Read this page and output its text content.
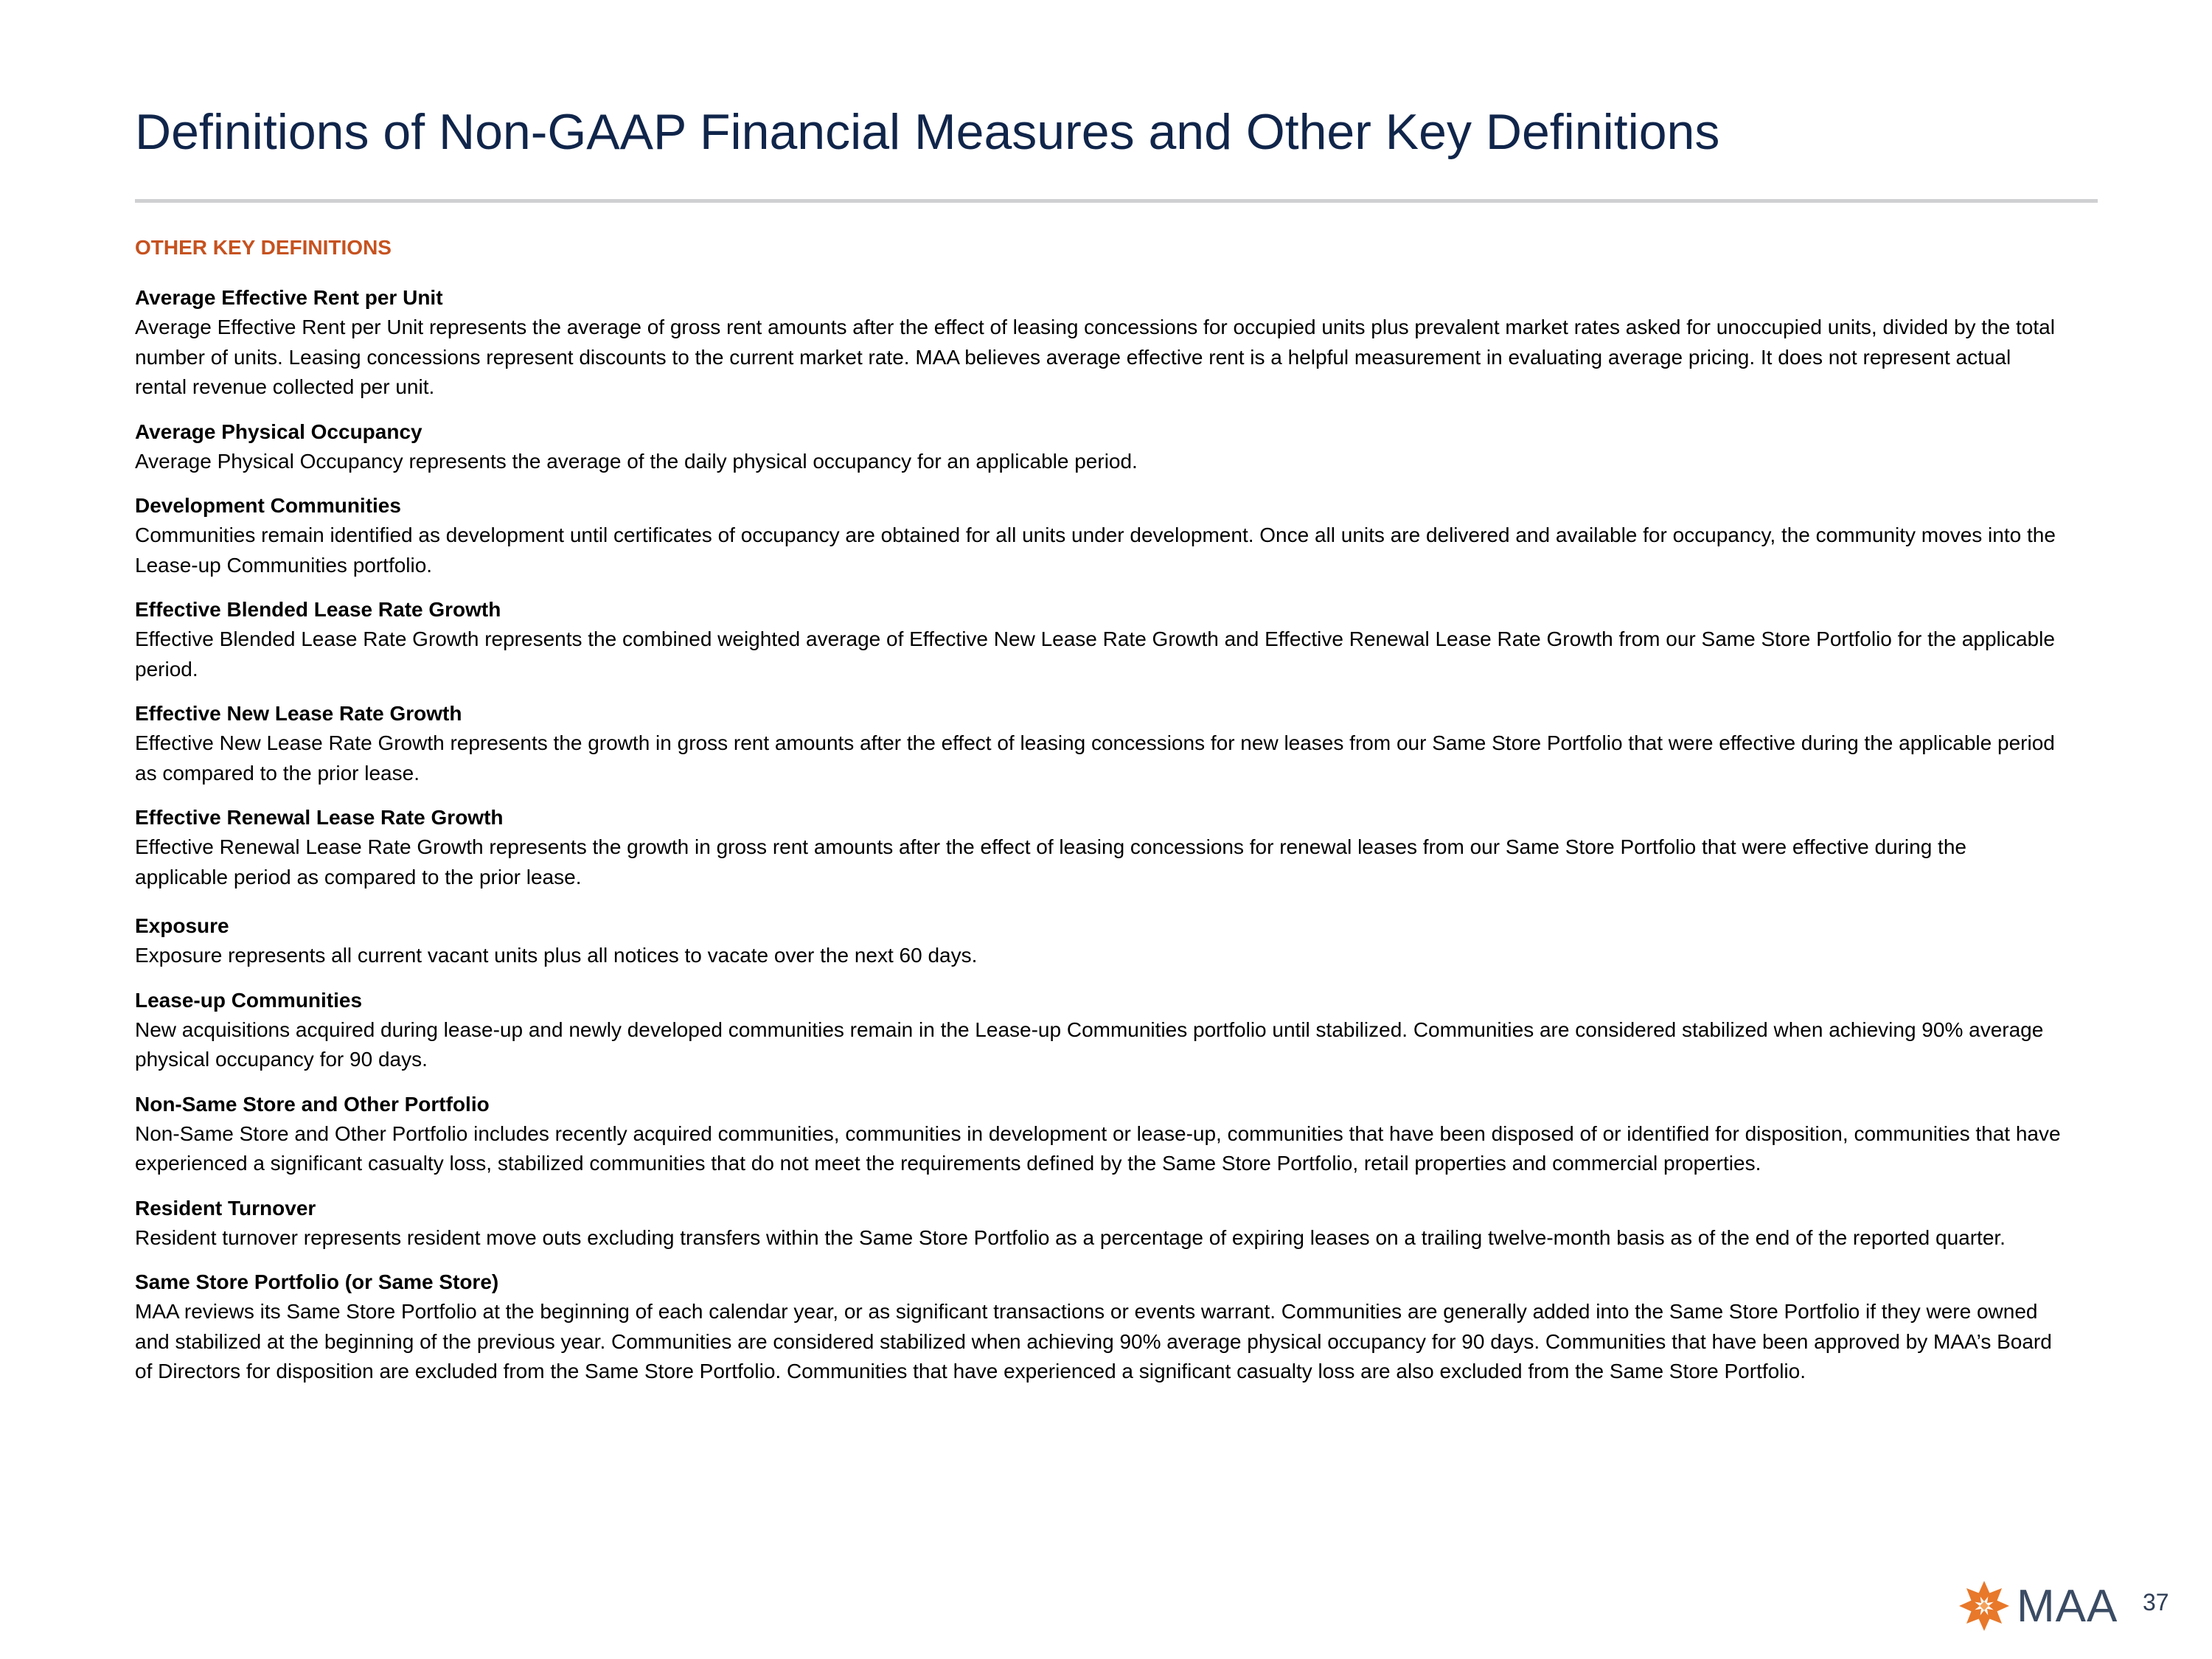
Definitions of Non-GAAP Financial Measures and Other Key Definitions
OTHER KEY DEFINITIONS
Average Effective Rent per Unit
Average Effective Rent per Unit represents the average of gross rent amounts after the effect of leasing concessions for occupied units plus prevalent market rates asked for unoccupied units, divided by the total number of units. Leasing concessions represent discounts to the current market rate. MAA believes average effective rent is a helpful measurement in evaluating average pricing. It does not represent actual rental revenue collected per unit.
Average Physical Occupancy
Average Physical Occupancy represents the average of the daily physical occupancy for an applicable period.
Development Communities
Communities remain identified as development until certificates of occupancy are obtained for all units under development. Once all units are delivered and available for occupancy, the community moves into the Lease-up Communities portfolio.
Effective Blended Lease Rate Growth
Effective Blended Lease Rate Growth represents the combined weighted average of Effective New Lease Rate Growth and Effective Renewal Lease Rate Growth from our Same Store Portfolio for the applicable period.
Effective New Lease Rate Growth
Effective New Lease Rate Growth represents the growth in gross rent amounts after the effect of leasing concessions for new leases from our Same Store Portfolio that were effective during the applicable period as compared to the prior lease.
Effective Renewal Lease Rate Growth
Effective Renewal Lease Rate Growth represents the growth in gross rent amounts after the effect of leasing concessions for renewal leases from our Same Store Portfolio that were effective during the applicable period as compared to the prior lease.
Exposure
Exposure represents all current vacant units plus all notices to vacate over the next 60 days.
Lease-up Communities
New acquisitions acquired during lease-up and newly developed communities remain in the Lease-up Communities portfolio until stabilized. Communities are considered stabilized when achieving 90% average physical occupancy for 90 days.
Non-Same Store and Other Portfolio
Non-Same Store and Other Portfolio includes recently acquired communities, communities in development or lease-up, communities that have been disposed of or identified for disposition, communities that have experienced a significant casualty loss, stabilized communities that do not meet the requirements defined by the Same Store Portfolio, retail properties and commercial properties.
Resident Turnover
Resident turnover represents resident move outs excluding transfers within the Same Store Portfolio as a percentage of expiring leases on a trailing twelve-month basis as of the end of the reported quarter.
Same Store Portfolio (or Same Store)
MAA reviews its Same Store Portfolio at the beginning of each calendar year, or as significant transactions or events warrant. Communities are generally added into the Same Store Portfolio if they were owned and stabilized at the beginning of the previous year. Communities are considered stabilized when achieving 90% average physical occupancy for 90 days. Communities that have been approved by MAA’s Board of Directors for disposition are excluded from the Same Store Portfolio. Communities that have experienced a significant casualty loss are also excluded from the Same Store Portfolio.
MAA 37
